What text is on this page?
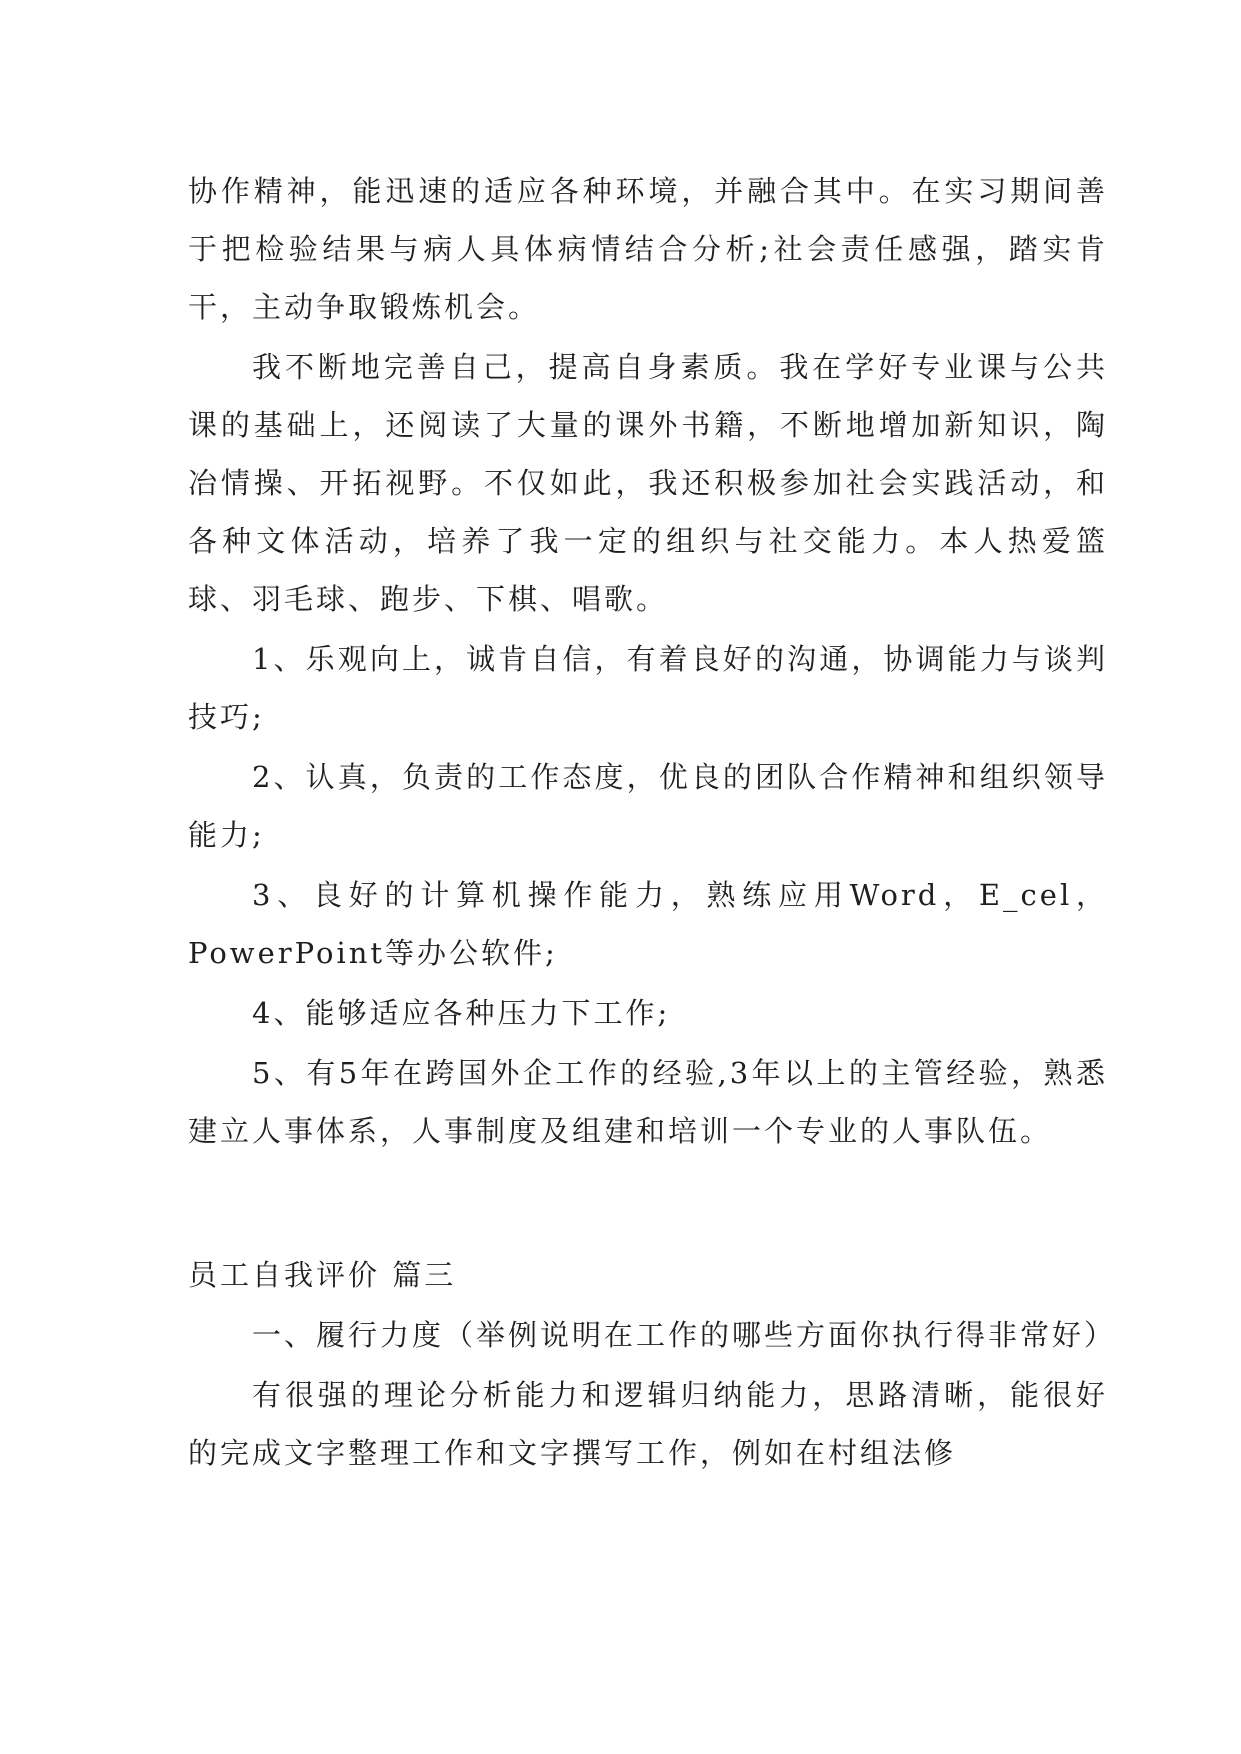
协作精神，能迅速的适应各种环境，并融合其中。在实习期间善于把检验结果与病人具体病情结合分析;社会责任感强，踏实肯干，主动争取锻炼机会。

我不断地完善自己，提高自身素质。我在学好专业课与公共课的基础上，还阅读了大量的课外书籍，不断地增加新知识，陶冶情操、开拓视野。不仅如此，我还积极参加社会实践活动，和各种文体活动，培养了我一定的组织与社交能力。本人热爱篮球、羽毛球、跑步、下棋、唱歌。

1、乐观向上，诚肯自信，有着良好的沟通，协调能力与谈判技巧;

2、认真，负责的工作态度，优良的团队合作精神和组织领导能力;

3、良好的计算机操作能力，熟练应用Word，E_cel，PowerPoint等办公软件;

4、能够适应各种压力下工作;

5、有5年在跨国外企工作的经验,3年以上的主管经验，熟悉建立人事体系，人事制度及组建和培训一个专业的人事队伍。

员工自我评价 篇三

一、履行力度（举例说明在工作的哪些方面你执行得非常好）

有很强的理论分析能力和逻辑归纳能力，思路清晰，能很好的完成文字整理工作和文字撰写工作，例如在村组法修
